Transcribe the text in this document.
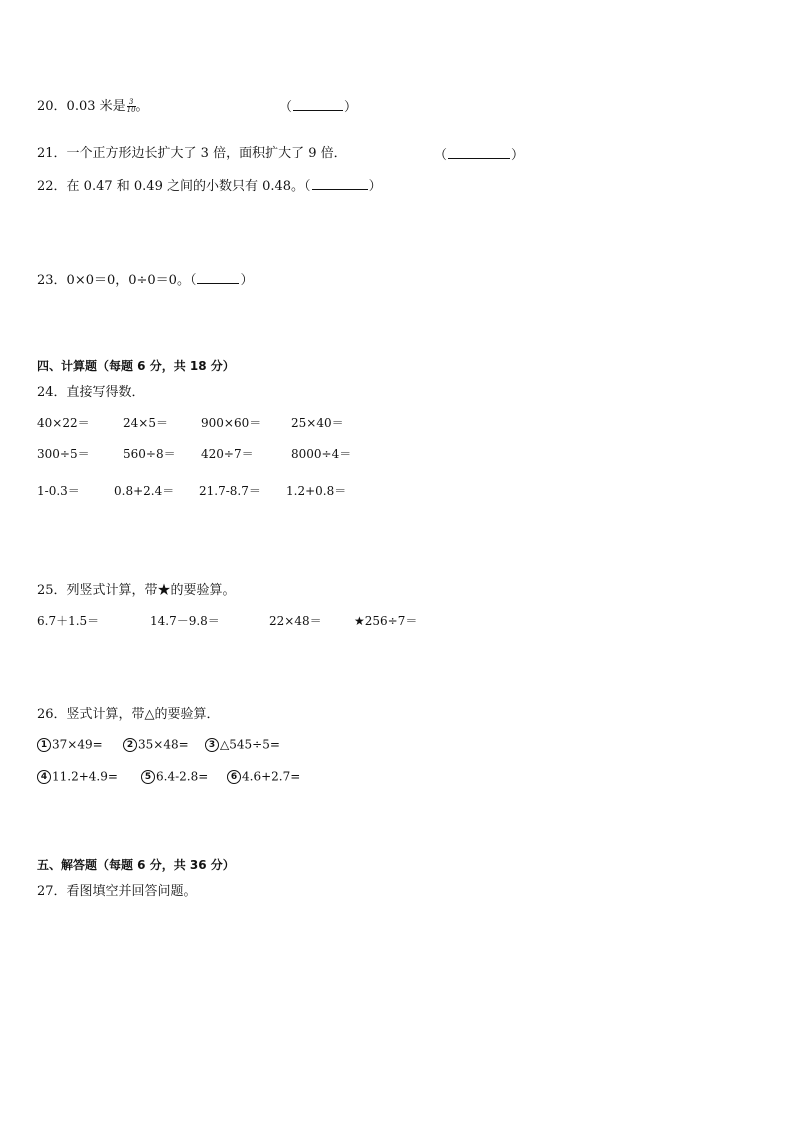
20．0.03 米是 $\frac{3}{10}$ 。	（	）
21．一个正方形边长扩大了 3 倍，面积扩大了 9 倍．	（	）
22．在 0.47 和 0.49 之间的小数只有 0.48。（	）
23．0×0＝0，0÷0＝0。（	）
四、计算题（每题 6 分，共 18 分）
24．直接写得数．
40×22＝	24×5＝	900×60＝ 25×40＝
300÷5＝	560÷8＝ 420÷7＝	8000÷4＝
1-0.3＝	0.8+2.4＝ 21.7-8.7＝ 1.2+0.8＝
25．列竖式计算，带★的要验算。
6.7＋1.5＝	14.7－9.8＝	22×48＝	★256÷7＝
26．竖式计算，带△的要验算．
1 37×49=	2 35×48=	3 △545÷5=
4 11.2+4.9=	5 6.4-2.8=	6 4.6+2.7=
五、解答题（每题 6 分，共 36 分）
27．看图填空并回答问题。
